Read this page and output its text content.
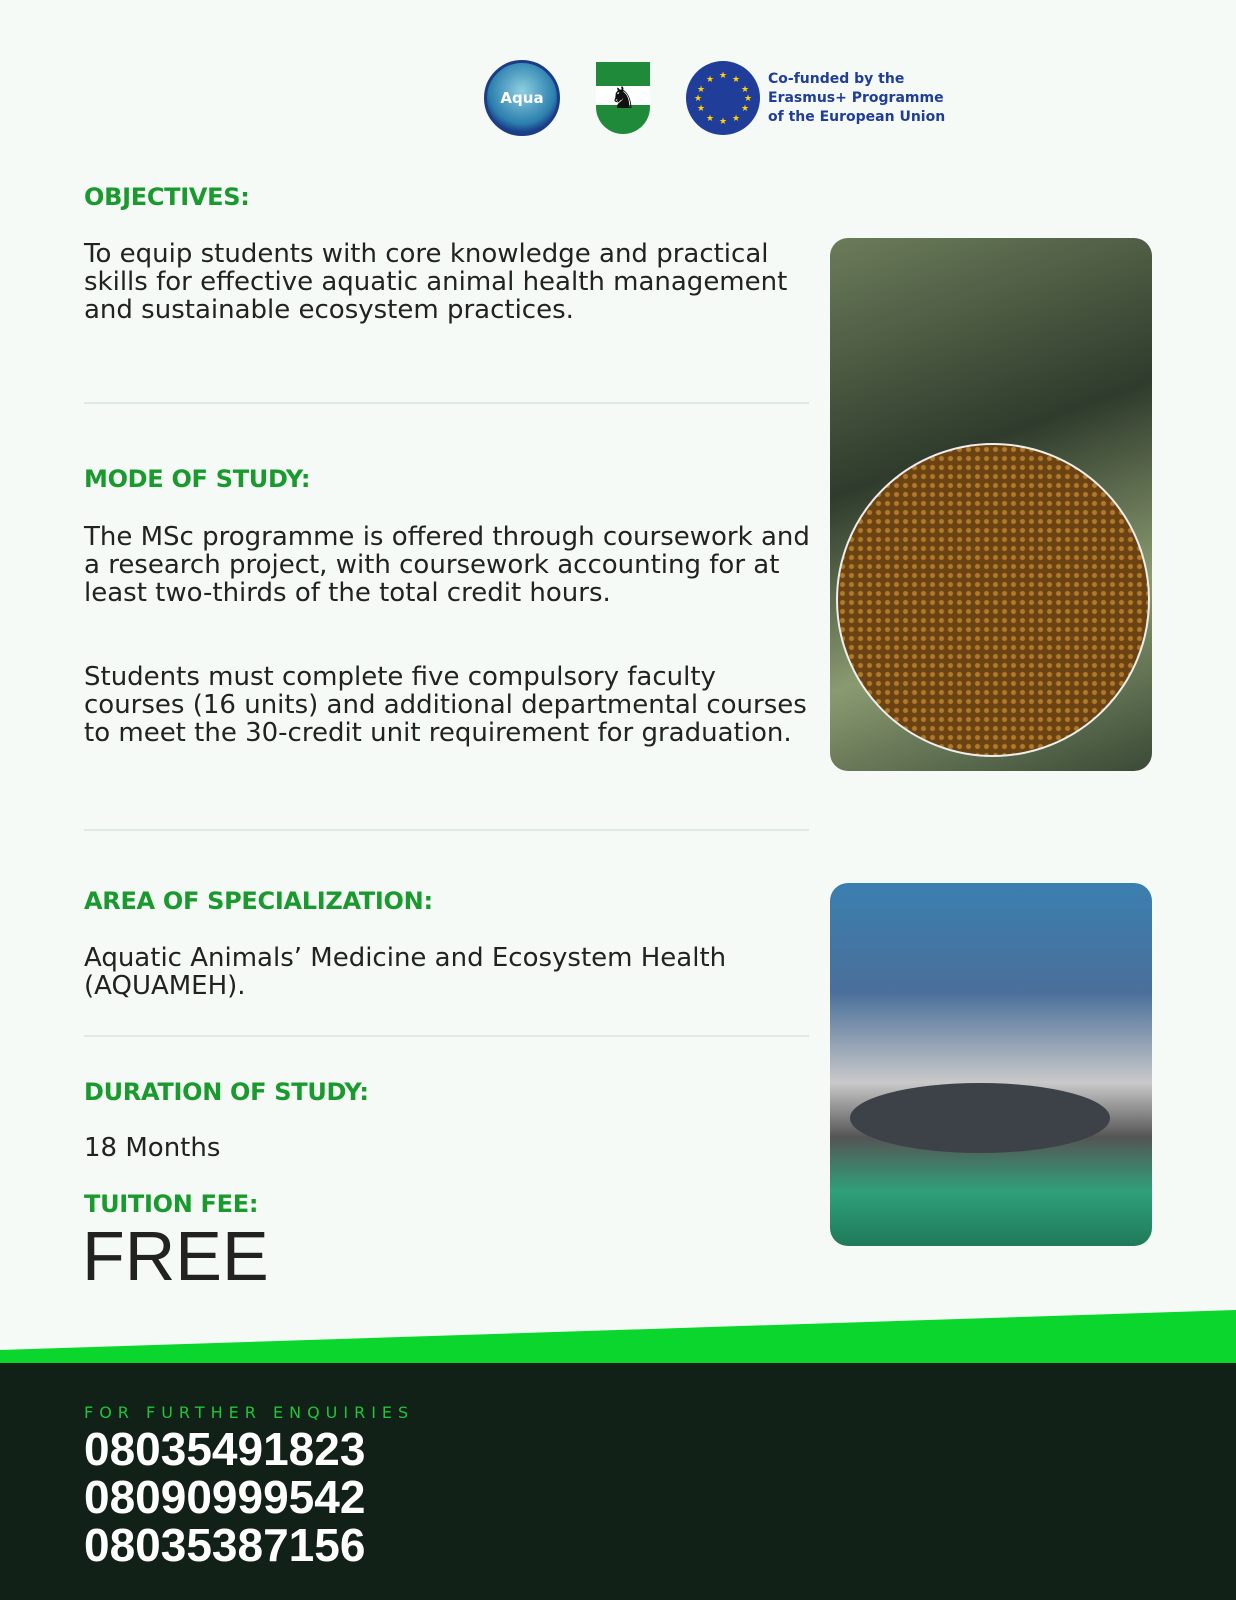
Aqua	♞
★ ★
★
★
★
★
★
★
★
★
★
★	Co-funded by the
Erasmus+ Programme
of the European Union
OBJECTIVES:

To equip students with core knowledge and practical skills for effective aquatic animal health management and sustainable ecosystem practices.

MODE OF STUDY:

The MSc programme is offered through coursework and a research project, with coursework accounting for at least two-thirds of the total credit hours.

Students must complete five compulsory faculty courses (16 units) and additional departmental courses to meet the 30-credit unit requirement for graduation.

AREA OF SPECIALIZATION:

Aquatic Animals’ Medicine and Ecosystem Health (AQUAMEH).

DURATION OF STUDY:

18 Months

TUITION FEE:
FREE
FOR FURTHER ENQUIRIES
08035491823
08090999542
08035387156
